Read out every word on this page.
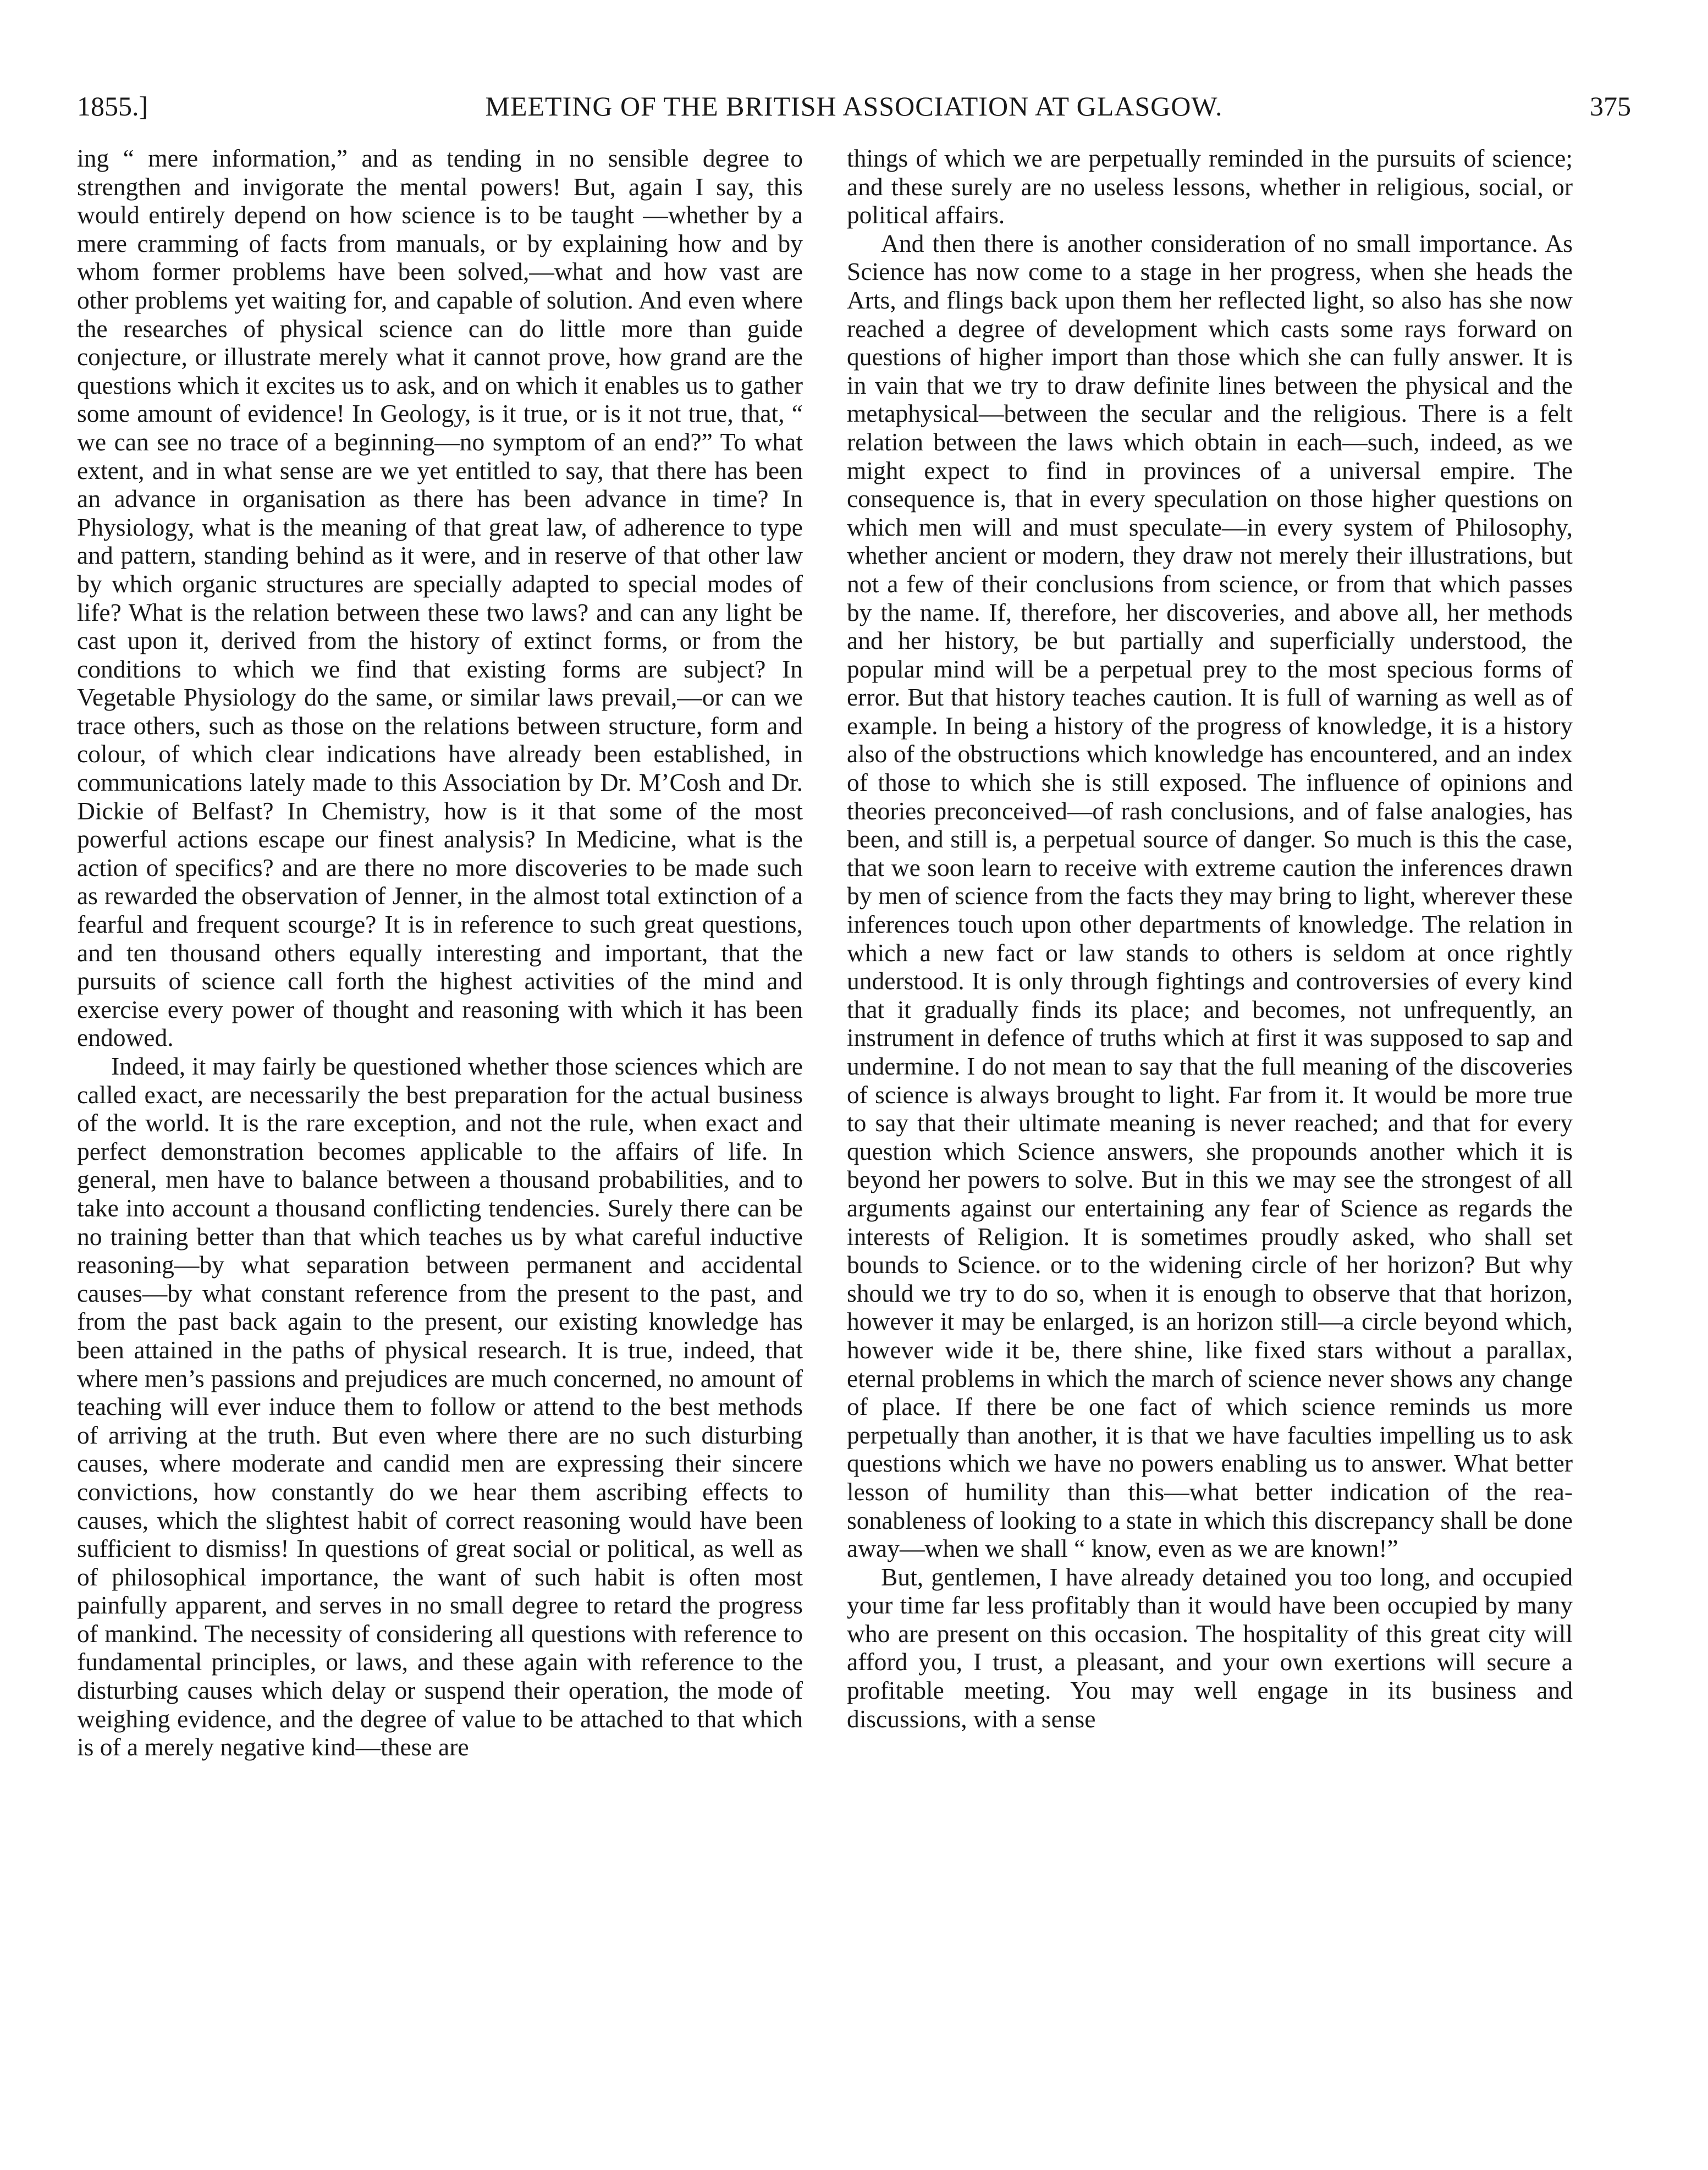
1855.]	MEETING OF THE BRITISH ASSOCIATION AT GLASGOW.	375

ing “ mere information,” and as tending in no sensible degree to strengthen and invigorate the mental powers! But, again I say, this would entirely depend on how science is to be taught —whether by a mere cramming of facts from manuals, or by explaining how and by whom former problems have been solved,—what and how vast are other problems yet waiting for, and capable of solution. And even where the researches of physical science can do little more than guide conjecture, or illustrate merely what it cannot prove, how grand are the questions which it excites us to ask, and on which it enables us to gather some amount of evidence! In Geology, is it true, or is it not true, that, “ we can see no trace of a beginning—no symptom of an end?” To what extent, and in what sense are we yet entitled to say, that there has been an advance in organisation as there has been advance in time? In Physiology, what is the meaning of that great law, of adherence to type and pattern, standing behind as it were, and in reserve of that other law by which organic structures are specially adapted to special modes of life? What is the relation between these two laws? and can any light be cast upon it, derived from the history of extinct forms, or from the conditions to which we find that existing forms are subject? In Vegetable Physiology do the same, or similar laws prevail,—or can we trace others, such as those on the relations between structure, form and colour, of which clear indications have already been established, in communications lately made to this Association by Dr. M’Cosh and Dr. Dickie of Belfast? In Chemistry, how is it that some of the most powerful actions escape our finest analysis? In Medicine, what is the action of specifics? and are there no more discoveries to be made such as rewarded the observation of Jenner, in the almost total extinction of a fearful and frequent scourge? It is in reference to such great questions, and ten thousand others equally interesting and important, that the pursuits of science call forth the highest activities of the mind and exercise every power of thought and reasoning with which it has been endowed.

Indeed, it may fairly be questioned whether those sciences which are called exact, are necessarily the best preparation for the actual business of the world. It is the rare exception, and not the rule, when exact and perfect demonstration becomes applicable to the affairs of life. In general, men have to balance between a thousand probabilities, and to take into account a thousand conflicting tendencies. Surely there can be no training better than that which teaches us by what careful inductive reasoning—by what separation between permanent and accidental causes—by what constant reference from the present to the past, and from the past back again to the present, our existing knowledge has been attained in the paths of physical research. It is true, indeed, that where men’s passions and prejudices are much concerned, no amount of teaching will ever induce them to follow or attend to the best methods of arriving at the truth. But even where there are no such disturbing causes, where moderate and candid men are expressing their sincere convictions, how constantly do we hear them ascribing effects to causes, which the slightest habit of correct reasoning would have been sufficient to dismiss! In questions of great social or political, as well as of philosophical importance, the want of such habit is often most painfully apparent, and serves in no small degree to retard the progress of mankind. The necessity of considering all questions with reference to fundamental principles, or laws, and these again with reference to the disturbing causes which delay or suspend their operation, the mode of weighing evidence, and the degree of value to be attached to that which is of a merely negative kind—these are

things of which we are perpetually reminded in the pursuits of science; and these surely are no useless lessons, whether in religious, social, or political affairs.

And then there is another consideration of no small importance. As Science has now come to a stage in her progress, when she heads the Arts, and flings back upon them her reflected light, so also has she now reached a degree of development which casts some rays forward on questions of higher import than those which she can fully answer. It is in vain that we try to draw definite lines between the physical and the metaphysical—between the secular and the religious. There is a felt relation between the laws which obtain in each—such, indeed, as we might expect to find in provinces of a universal empire. The consequence is, that in every speculation on those higher questions on which men will and must speculate—in every system of Philosophy, whether ancient or modern, they draw not merely their illustrations, but not a few of their conclusions from science, or from that which passes by the name. If, therefore, her discoveries, and above all, her methods and her history, be but partially and superficially understood, the popular mind will be a perpetual prey to the most specious forms of error. But that history teaches caution. It is full of warning as well as of example. In being a history of the progress of knowledge, it is a history also of the obstructions which knowledge has encountered, and an index of those to which she is still exposed. The influence of opinions and theories preconceived—of rash conclusions, and of false analogies, has been, and still is, a perpetual source of danger. So much is this the case, that we soon learn to receive with extreme caution the inferences drawn by men of science from the facts they may bring to light, wherever these inferences touch upon other departments of knowledge. The relation in which a new fact or law stands to others is seldom at once rightly understood. It is only through fightings and controversies of every kind that it gradually finds its place; and becomes, not unfrequently, an instrument in defence of truths which at first it was supposed to sap and undermine. I do not mean to say that the full meaning of the discoveries of science is always brought to light. Far from it. It would be more true to say that their ultimate meaning is never reached; and that for every question which Science answers, she propounds another which it is beyond her powers to solve. But in this we may see the strongest of all arguments against our entertaining any fear of Science as regards the interests of Religion. It is sometimes proudly asked, who shall set bounds to Science. or to the widening circle of her horizon? But why should we try to do so, when it is enough to observe that that horizon, however it may be enlarged, is an horizon still—a circle beyond which, however wide it be, there shine, like fixed stars without a parallax, eternal problems in which the march of science never shows any change of place. If there be one fact of which science reminds us more perpetually than another, it is that we have faculties impelling us to ask questions which we have no powers enabling us to answer. What better lesson of humility than this—what better indication of the reasonableness of looking to a state in which this discrepancy shall be done away—when we shall “ know, even as we are known!”

But, gentlemen, I have already detained you too long, and occupied your time far less profitably than it would have been occupied by many who are present on this occasion. The hospitality of this great city will afford you, I trust, a pleasant, and your own exertions will secure a profitable meeting. You may well engage in its business and discussions, with a sense
